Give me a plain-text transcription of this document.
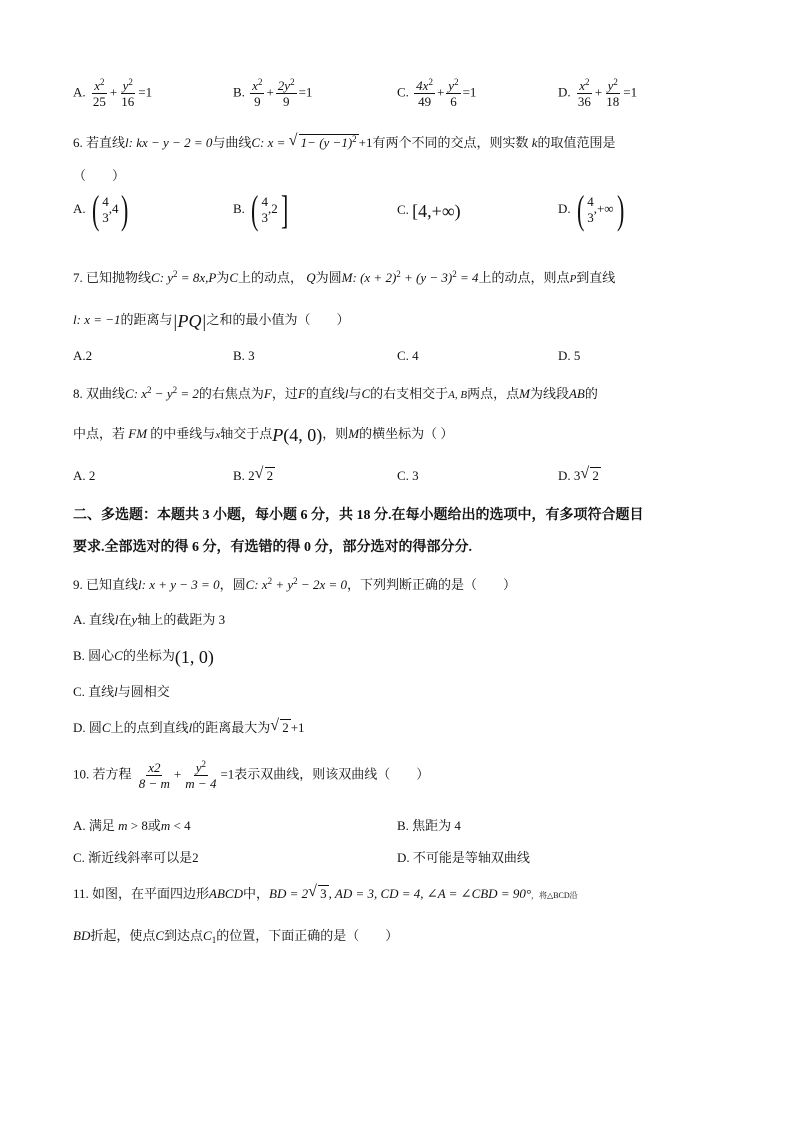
A. $\frac{x^2}{25} + \frac{y^2}{16} =1$	B. $\frac{x^2}{9} + \frac{2y^2}{9} =1$	C. $\frac{4x^2}{49} + \frac{y^2}{6} =1$	D. $\frac{x^2}{36} + \frac{y^2}{18} =1$
6. 若直线l: kx − y − 2 = 0与曲线C: x = √ $1- (y -1)^2 +1$有两个不同的交点，则实数 k的取值范围是
（　　）
A. ( 4
3
,4)	B. ( 4
3
,2]	C. [4,+∞)	D. ( 4
3
,+∞)
7. 已知抛物线C: $y^2 = 8x,P$为C上的动点， Q为圆M: $(x + 2)^2 + (y - 3)^2 = 4$上的动点，则点P到直线
l: x = −1的距离与|PQ|之和的最小值为（　　）
A.2	B. 3	C. 4	D. 5
8. 双曲线C: $x^2 - y^2 = 2$的右焦点为F，过F的直线l与C的右支相交于A, B两点，点M为线段AB的
中点，若 FM 的中垂线与x轴交于点P(4, 0)，则M的横坐标为（ ）
A. 2	B. 2 √ 2	C. 3	D. 3 √ 2
二、多选题：本题共 3 小题，每小题 6 分，共 18 分.在每小题给出的选项中，有多项符合题目
要求.全部选对的得 6 分，有选错的得 0 分，部分选对的得部分分.
9. 已知直线l: x + y − 3 = 0，圆C: $x^2 + y^2 - 2x = 0$，下列判断正确的是（　　）
A. 直线l在y轴上的截距为 3
B. 圆心C的坐标为(1, 0)
C. 直线l与圆相交
D. 圆C上的点到直线l的距离最大为 √ 2 +1
10. 若方程 $\frac{x2}{8 - m} + \frac{y^2}{m - 4} =1$表示双曲线，则该双曲线（　　）
A. 满足 m > 8或m < 4	B. 焦距为 4
C. 渐近线斜率可以是2	D. 不可能是等轴双曲线
11. 如图，在平面四边形ABCD中，BD = 2 √ 3 , AD = 3, CD = 4, ∠A = ∠CBD = 90°，将△BCD沿
BD折起，使点C到达点$C_1$的位置，下面正确的是（　　）
